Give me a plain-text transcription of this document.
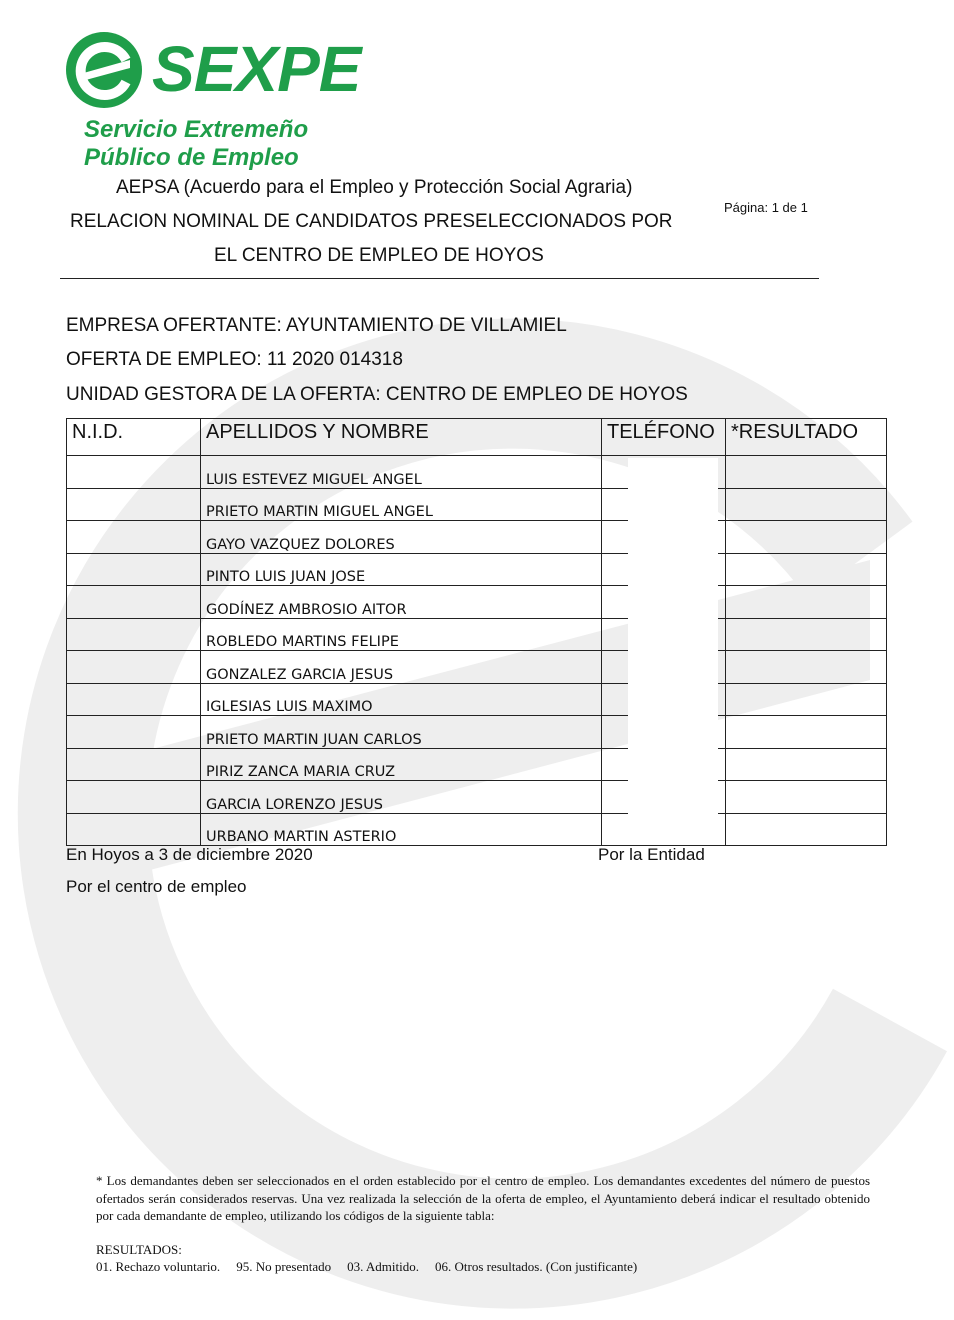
SEXPE
Servicio Extremeño
Público de Empleo
AEPSA (Acuerdo para el Empleo y Protección Social Agraria)
RELACION NOMINAL DE CANDIDATOS PRESELECCIONADOS POR
EL CENTRO DE EMPLEO DE HOYOS
Página: 1 de 1
EMPRESA OFERTANTE: AYUNTAMIENTO DE VILLAMIEL
OFERTA DE EMPLEO: 11 2020 014318
UNIDAD GESTORA DE LA OFERTA: CENTRO DE EMPLEO DE HOYOS
N.I.D.	APELLIDOS Y NOMBRE	TELÉFONO	*RESULTADO
	LUIS ESTEVEZ MIGUEL ANGEL		
	PRIETO MARTIN MIGUEL ANGEL		
	GAYO VAZQUEZ DOLORES		
	PINTO LUIS JUAN JOSE		
	GODÍNEZ AMBROSIO AITOR		
	ROBLEDO MARTINS FELIPE		
	GONZALEZ GARCIA JESUS		
	IGLESIAS LUIS MAXIMO		
	PRIETO MARTIN JUAN CARLOS		
	PIRIZ ZANCA MARIA CRUZ		
	GARCIA LORENZO JESUS		
	URBANO MARTIN ASTERIO		
En Hoyos a 3 de diciembre 2020	Por la Entidad
Por el centro de empleo
* Los demandantes deben ser seleccionados en el orden establecido por el centro de empleo. Los demandantes excedentes del número de puestos ofertados serán considerados reservas. Una vez realizada la selección de la oferta de empleo, el Ayuntamiento deberá indicar el resultado obtenido por cada demandante de empleo, utilizando los códigos de la siguiente tabla:
RESULTADOS:
01. Rechazo voluntario. 95. No presentado 03. Admitido. 06. Otros resultados. (Con justificante)
